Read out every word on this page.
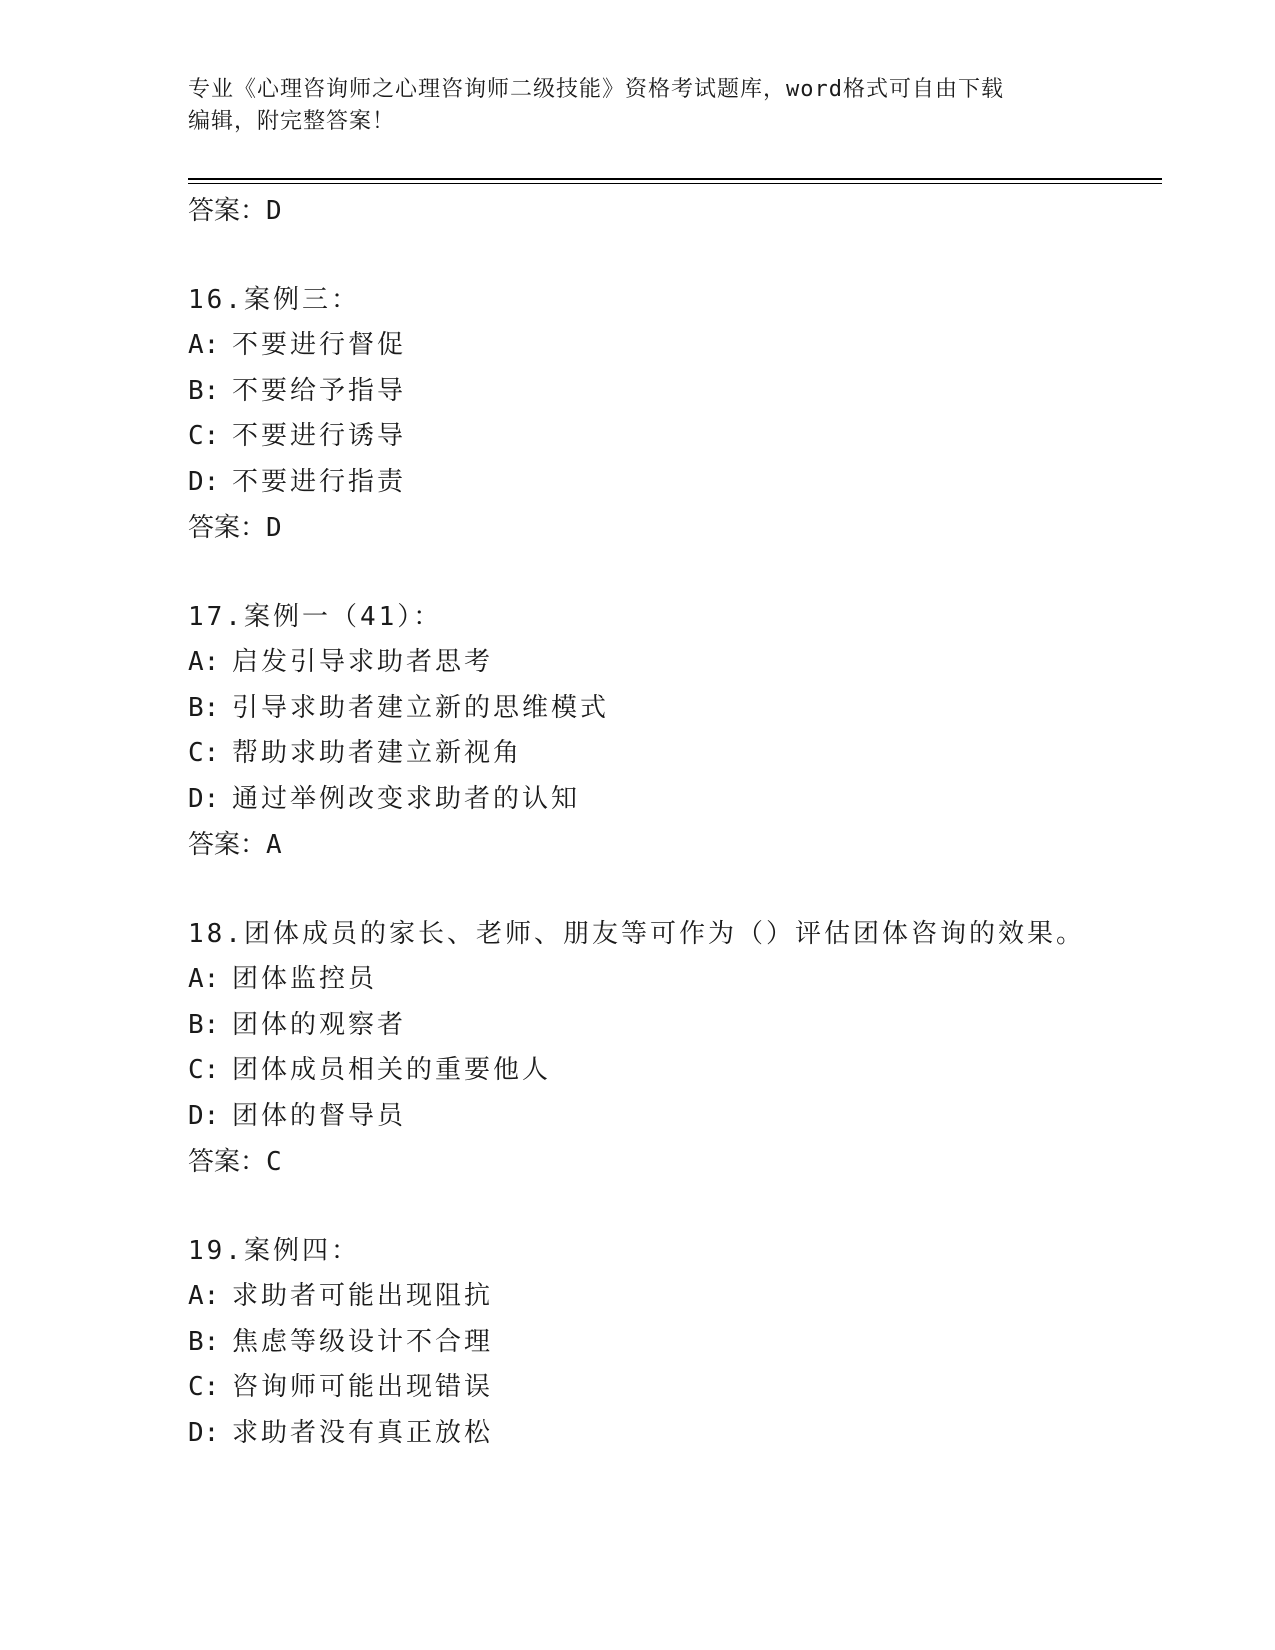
专业《心理咨询师之心理咨询师二级技能》资格考试题库，word格式可自由下载
编辑，附完整答案！
答案：D
16.案例三：
A: 不要进行督促
B: 不要给予指导
C: 不要进行诱导
D: 不要进行指责
答案：D
17.案例一（41）：
A: 启发引导求助者思考
B: 引导求助者建立新的思维模式
C: 帮助求助者建立新视角
D: 通过举例改变求助者的认知
答案：A
18.团体成员的家长、老师、朋友等可作为（）评估团体咨询的效果。
A: 团体监控员
B: 团体的观察者
C: 团体成员相关的重要他人
D: 团体的督导员
答案：C
19.案例四：
A: 求助者可能出现阻抗
B: 焦虑等级设计不合理
C: 咨询师可能出现错误
D: 求助者没有真正放松
